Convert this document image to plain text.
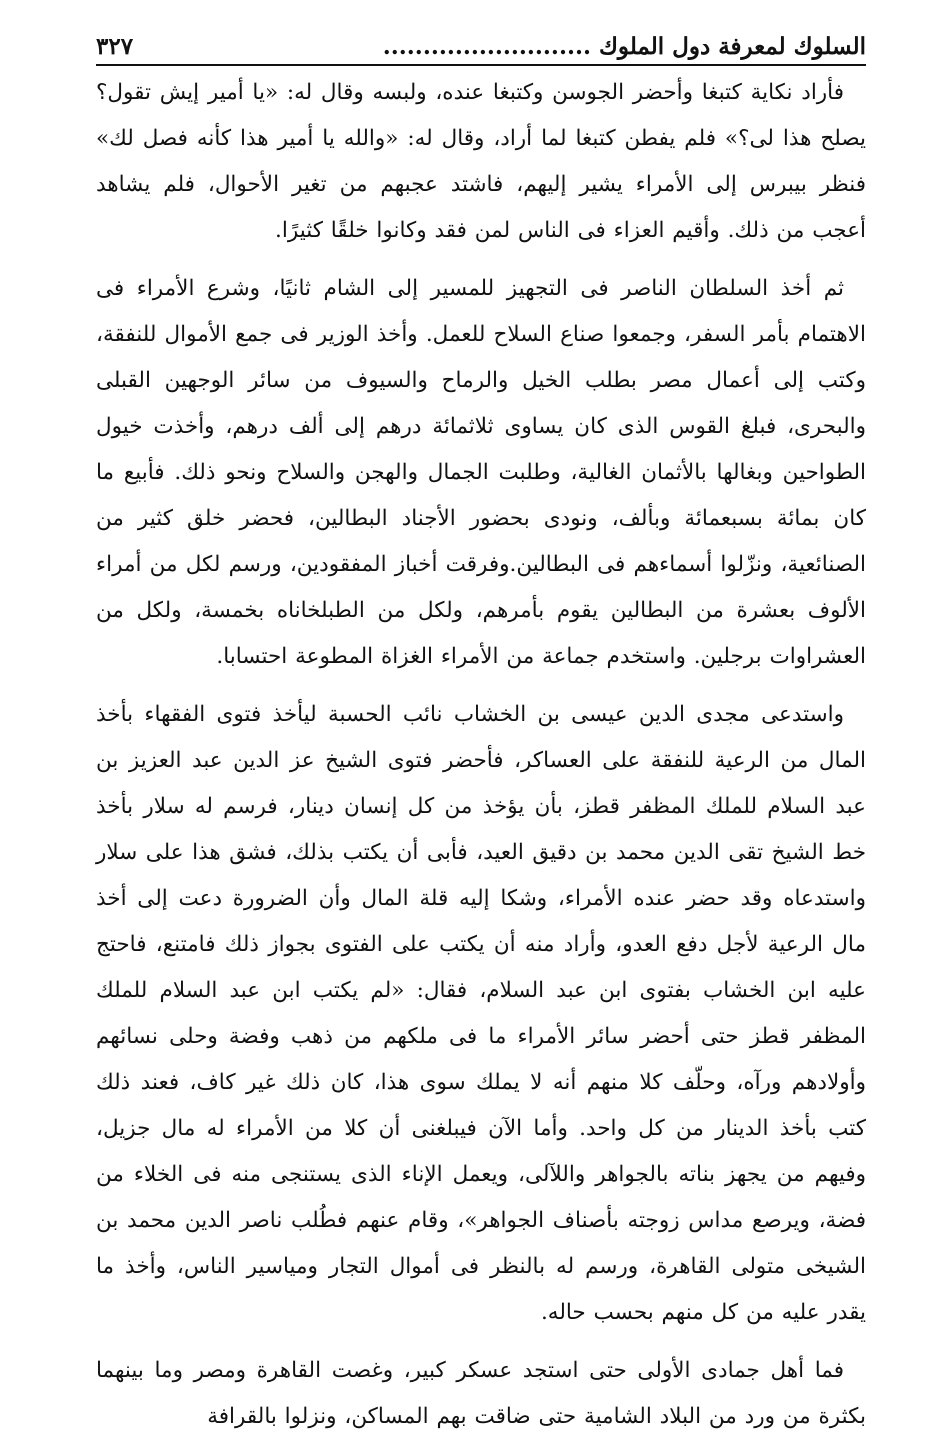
السلوك لمعرفة دول الملوك ..........................
٣٢٧

فأراد نكاية كتبغا وأحضر الجوسن وكتبغا عنده، ولبسه وقال له: «يا أمير إيش تقول؟ يصلح هذا لى؟» فلم يفطن كتبغا لما أراد، وقال له: «والله يا أمير هذا كأنه فصل لك» فنظر بيبرس إلى الأمراء يشير إليهم، فاشتد عجبهم من تغير الأحوال، فلم يشاهد أعجب من ذلك. وأقيم العزاء فى الناس لمن فقد وكانوا خلقًا كثيرًا.

ثم أخذ السلطان الناصر فى التجهيز للمسير إلى الشام ثانيًا، وشرع الأمراء فى الاهتمام بأمر السفر، وجمعوا صناع السلاح للعمل. وأخذ الوزير فى جمع الأموال للنفقة، وكتب إلى أعمال مصر بطلب الخيل والرماح والسيوف من سائر الوجهين القبلى والبحرى، فبلغ القوس الذى كان يساوى ثلاثمائة درهم إلى ألف درهم، وأخذت خيول الطواحين وبغالها بالأثمان الغالية، وطلبت الجمال والهجن والسلاح ونحو ذلك. فأبيع ما كان بمائة بسبعمائة وبألف، ونودى بحضور الأجناد البطالين، فحضر خلق كثير من الصنائعية، ونزّلوا أسماءهم فى البطالين.وفرقت أخباز المفقودين، ورسم لكل من أمراء الألوف بعشرة من البطالين يقوم بأمرهم، ولكل من الطبلخاناه بخمسة، ولكل من العشراوات برجلين. واستخدم جماعة من الأمراء الغزاة المطوعة احتسابا.

واستدعى مجدى الدين عيسى بن الخشاب نائب الحسبة ليأخذ فتوى الفقهاء بأخذ المال من الرعية للنفقة على العساكر، فأحضر فتوى الشيخ عز الدين عبد العزيز بن عبد السلام للملك المظفر قطز، بأن يؤخذ من كل إنسان دينار، فرسم له سلار بأخذ خط الشيخ تقى الدين محمد بن دقيق العيد، فأبى أن يكتب بذلك، فشق هذا على سلار واستدعاه وقد حضر عنده الأمراء، وشكا إليه قلة المال وأن الضرورة دعت إلى أخذ مال الرعية لأجل دفع العدو، وأراد منه أن يكتب على الفتوى بجواز ذلك فامتنع، فاحتج عليه ابن الخشاب بفتوى ابن عبد السلام، فقال: «لم يكتب ابن عبد السلام للملك المظفر قطز حتى أحضر سائر الأمراء ما فى ملكهم من ذهب وفضة وحلى نسائهم وأولادهم ورآه، وحلّف كلا منهم أنه لا يملك سوى هذا، كان ذلك غير كاف، فعند ذلك كتب بأخذ الدينار من كل واحد. وأما الآن فيبلغنى أن كلا من الأمراء له مال جزيل، وفيهم من يجهز بناته بالجواهر واللآلى، ويعمل الإناء الذى يستنجى منه فى الخلاء من فضة، ويرصع مداس زوجته بأصناف الجواهر»، وقام عنهم فطُلب ناصر الدين محمد بن الشيخى متولى القاهرة، ورسم له بالنظر فى أموال التجار ومياسير الناس، وأخذ ما يقدر عليه من كل منهم بحسب حاله.

فما أهل جمادى الأولى حتى استجد عسكر كبير، وغصت القاهرة ومصر وما بينهما بكثرة من ورد من البلاد الشامية حتى ضاقت بهم المساكن، ونزلوا بالقرافة
